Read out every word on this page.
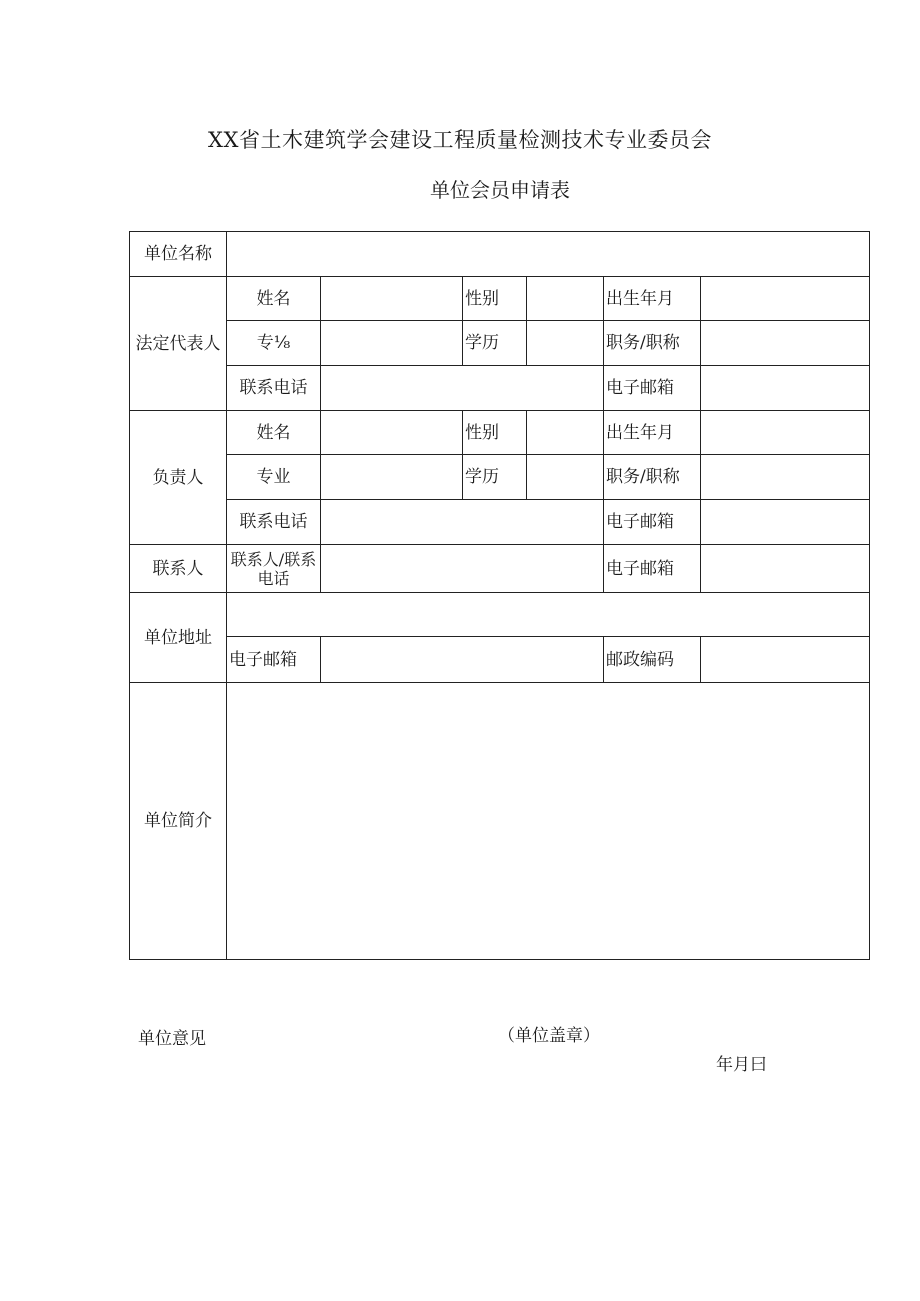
XX省土木建筑学会建设工程质量检测技术专业委员会
单位会员申请表
单位名称						
法定代表人	姓名		性别		出生年月	
	专⅛		学历		职务/职称	
	联系电话				电子邮箱	
负责人	姓名		性别		出生年月	
	专业		学历		职务/职称	
	联系电话				电子邮箱	
联系人	联系人/联系电话				电子邮箱	
单位地址						
	电子邮箱				邮政编码	
单位简介						
单位意见	（单位盖章）
年月曰
